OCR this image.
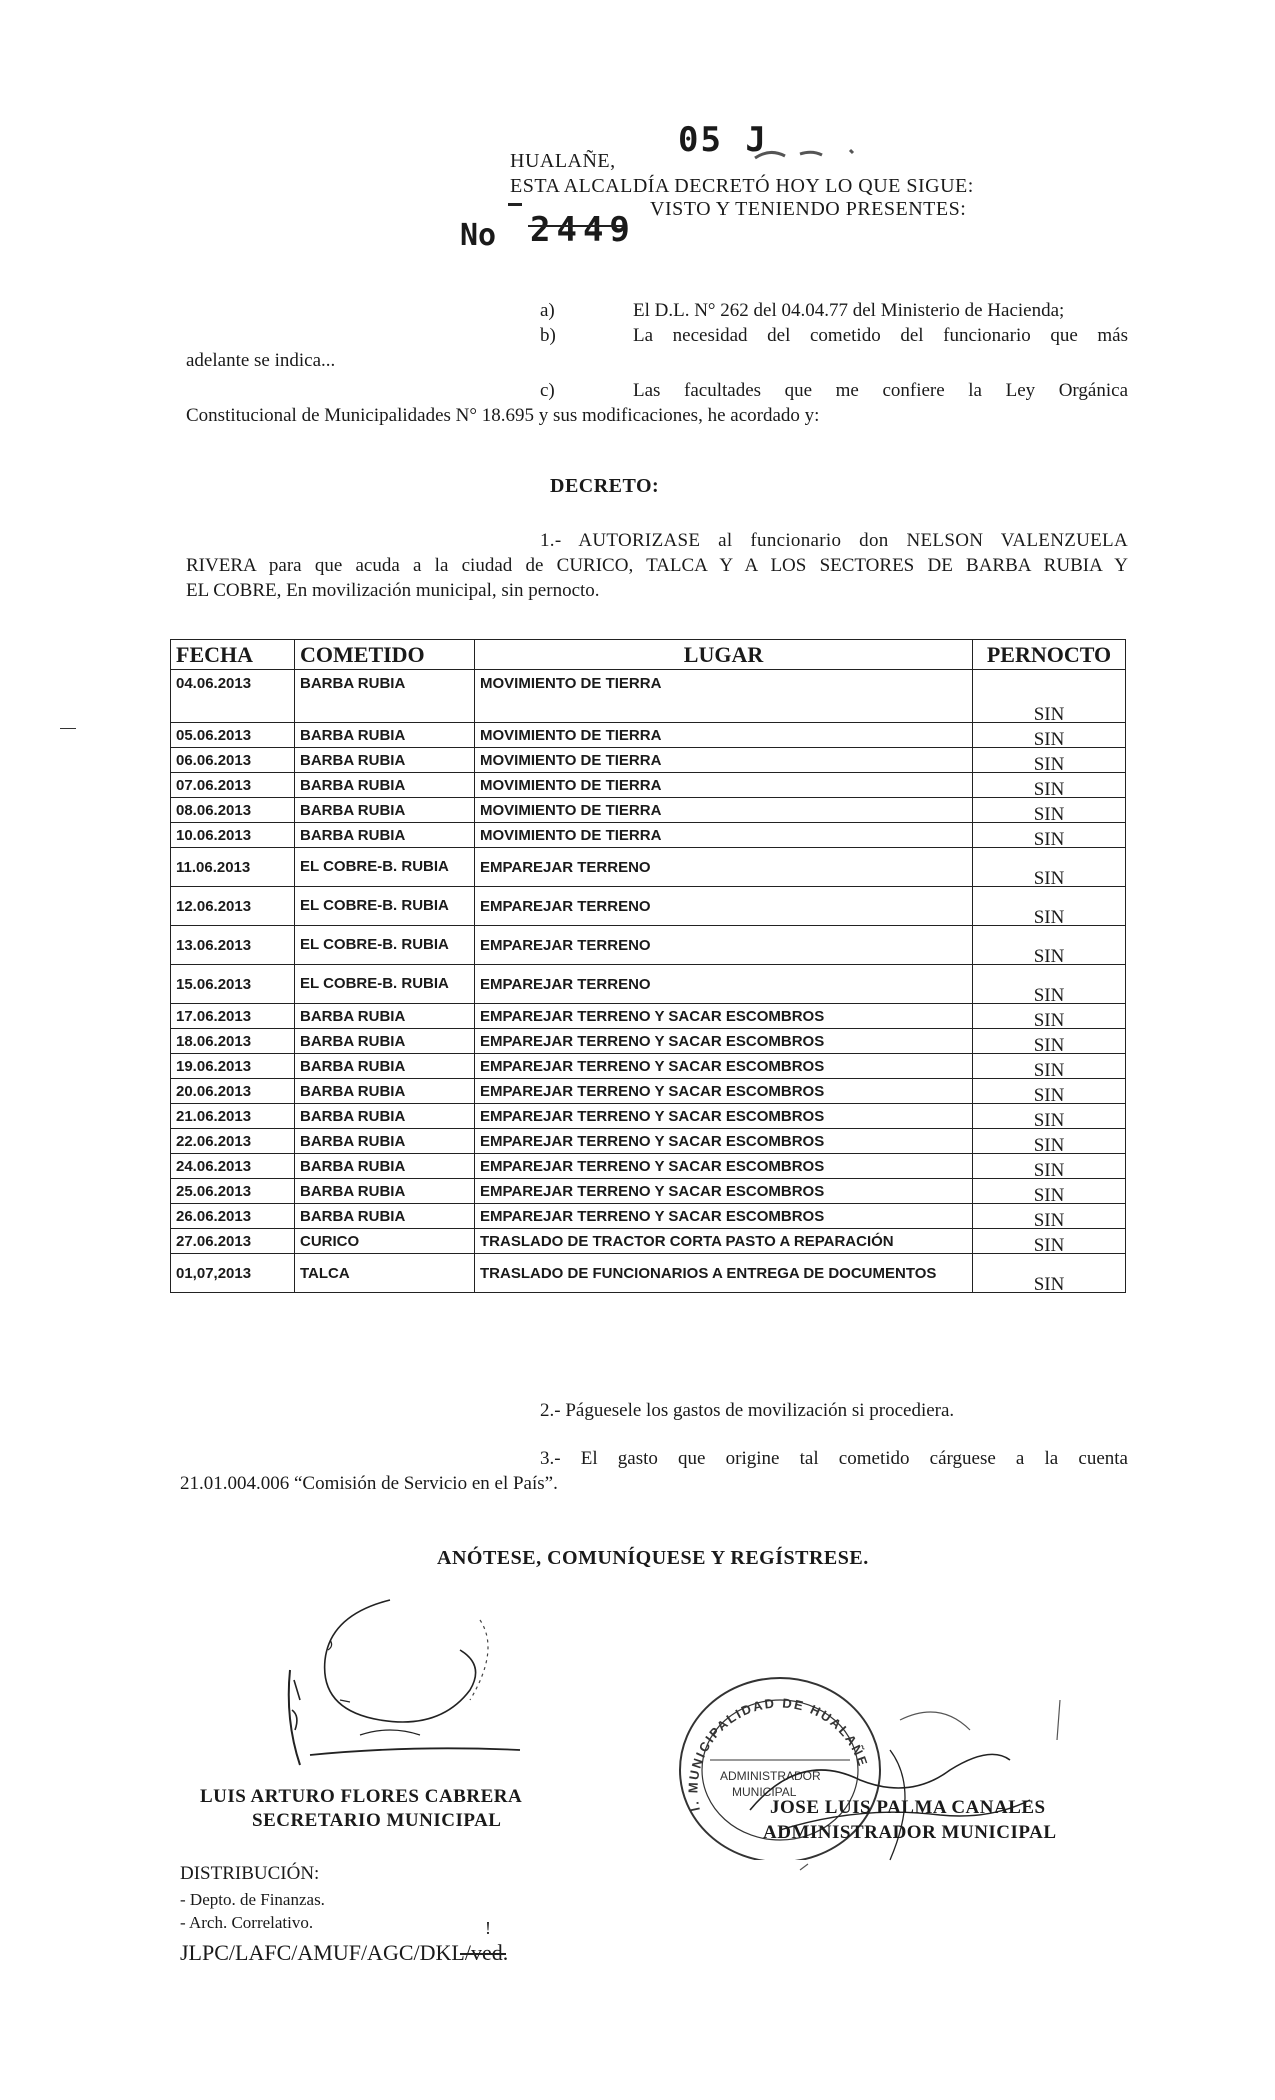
HUALAÑE,
05 J
ESTA ALCALDÍA DECRETÓ HOY LO QUE SIGUE:
No 2449
VISTO Y TENIENDO PRESENTES:
a)	El D.L. N° 262 del 04.04.77 del Ministerio de Hacienda;
b)	La necesidad del cometido del funcionario que más
adelante se indica...
c)	Las facultades que me confiere la Ley Orgánica
Constitucional de Municipalidades N° 18.695 y sus modificaciones, he acordado y:
DECRETO:
1.- AUTORIZASE al funcionario don NELSON VALENZUELA
RIVERA para que acuda a la ciudad de CURICO, TALCA Y A LOS SECTORES DE BARBA RUBIA Y
EL COBRE, En movilización municipal, sin pernocto.
FECHA	COMETIDO	LUGAR	PERNOCTO
04.06.2013	BARBA RUBIA	MOVIMIENTO DE TIERRA	SIN
05.06.2013	BARBA RUBIA	MOVIMIENTO DE TIERRA	SIN
06.06.2013	BARBA RUBIA	MOVIMIENTO DE TIERRA	SIN
07.06.2013	BARBA RUBIA	MOVIMIENTO DE TIERRA	SIN
08.06.2013	BARBA RUBIA	MOVIMIENTO DE TIERRA	SIN
10.06.2013	BARBA RUBIA	MOVIMIENTO DE TIERRA	SIN
11.06.2013	EL COBRE-B. RUBIA	EMPAREJAR TERRENO	SIN
12.06.2013	EL COBRE-B. RUBIA	EMPAREJAR TERRENO	SIN
13.06.2013	EL COBRE-B. RUBIA	EMPAREJAR TERRENO	SIN
15.06.2013	EL COBRE-B. RUBIA	EMPAREJAR TERRENO	SIN
17.06.2013	BARBA RUBIA	EMPAREJAR TERRENO Y SACAR ESCOMBROS	SIN
18.06.2013	BARBA RUBIA	EMPAREJAR TERRENO Y SACAR ESCOMBROS	SIN
19.06.2013	BARBA RUBIA	EMPAREJAR TERRENO Y SACAR ESCOMBROS	SIN
20.06.2013	BARBA RUBIA	EMPAREJAR TERRENO Y SACAR ESCOMBROS	SIN
21.06.2013	BARBA RUBIA	EMPAREJAR TERRENO Y SACAR ESCOMBROS	SIN
22.06.2013	BARBA RUBIA	EMPAREJAR TERRENO Y SACAR ESCOMBROS	SIN
24.06.2013	BARBA RUBIA	EMPAREJAR TERRENO Y SACAR ESCOMBROS	SIN
25.06.2013	BARBA RUBIA	EMPAREJAR TERRENO Y SACAR ESCOMBROS	SIN
26.06.2013	BARBA RUBIA	EMPAREJAR TERRENO Y SACAR ESCOMBROS	SIN
27.06.2013	CURICO	TRASLADO DE TRACTOR CORTA PASTO A REPARACIÓN	SIN
01,07,2013	TALCA	TRASLADO DE FUNCIONARIOS A ENTREGA DE DOCUMENTOS	SIN
2.- Páguesele los gastos de movilización si procediera.
3.- El gasto que origine tal cometido cárguese a la cuenta
21.01.004.006 “Comisión de Servicio en el País”.
ANÓTESE, COMUNÍQUESE Y REGÍSTRESE.
LUIS ARTURO FLORES CABRERA
SECRETARIO MUNICIPAL
I. MUNICIPALIDAD DE HUALAÑE
ADMINISTRADOR
MUNICIPAL
JOSE LUIS PALMA CANALES
ADMINISTRADOR MUNICIPAL
DISTRIBUCIÓN:
- Depto. de Finanzas.
- Arch. Correlativo.
JLPC/LAFC/AMUF/AGC/DKL/ved.
!
